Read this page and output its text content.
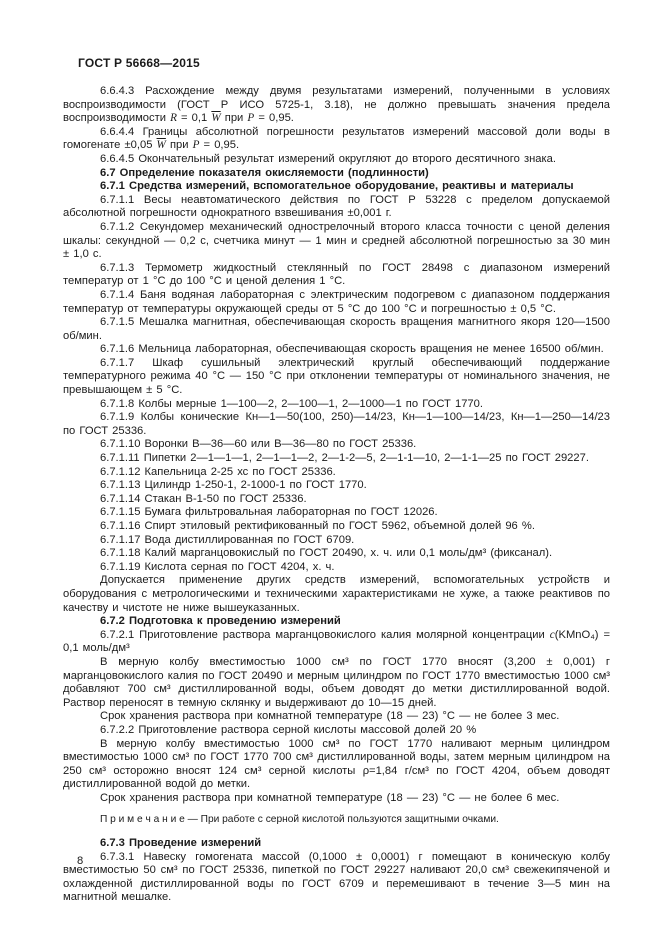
ГОСТ Р 56668—2015

6.6.4.3 Расхождение между двумя результатами измерений, полученными в условиях воспроизводимости (ГОСТ Р ИСО 5725-1, 3.18), не должно превышать значения предела воспроизводимости R = 0,1 $\overline{W}$ при P = 0,95.

6.6.4.4 Границы абсолютной погрешности результатов измерений массовой доли воды в гомогенате ±0,05 $\overline{W}$ при P = 0,95.

6.6.4.5 Окончательный результат измерений округляют до второго десятичного знака.

6.7 Определение показателя окисляемости (подлинности)

6.7.1 Средства измерений, вспомогательное оборудование, реактивы и материалы

6.7.1.1 Весы неавтоматического действия по ГОСТ Р 53228 с пределом допускаемой абсолютной погрешности однократного взвешивания ±0,001 г.

6.7.1.2 Секундомер механический однострелочный второго класса точности с ценой деления шкалы: секундной — 0,2 с, счетчика минут — 1 мин и средней абсолютной погрешностью за 30 мин ± 1,0 с.

6.7.1.3 Термометр жидкостный стеклянный по ГОСТ 28498 с диапазоном измерений температур от 1 °С до 100 °С и ценой деления 1 °С.

6.7.1.4 Баня водяная лабораторная с электрическим подогревом с диапазоном поддержания температур от температуры окружающей среды от 5 °С до 100 °С и погрешностью ± 0,5 °С.

6.7.1.5 Мешалка магнитная, обеспечивающая скорость вращения магнитного якоря 120—1500 об/мин.

6.7.1.6 Мельница лабораторная, обеспечивающая скорость вращения не менее 16500 об/мин.

6.7.1.7 Шкаф сушильный электрический круглый обеспечивающий поддержание температурного режима 40 °С — 150 °С при отклонении температуры от номинального значения, не превышающем ± 5 °С.

6.7.1.8 Колбы мерные 1—100—2, 2—100—1, 2—1000—1 по ГОСТ 1770.

6.7.1.9 Колбы конические Кн—1—50(100, 250)—14/23, Кн—1—100—14/23, Кн—1—250—14/23 по ГОСТ 25336.

6.7.1.10 Воронки В—36—60 или В—36—80 по ГОСТ 25336.

6.7.1.11 Пипетки 2—1—1—1, 2—1—1—2, 2—1-2—5, 2—1-1—10, 2—1-1—25 по ГОСТ 29227.

6.7.1.12 Капельница 2-25 хс по ГОСТ 25336.

6.7.1.13 Цилиндр 1-250-1, 2-1000-1 по ГОСТ 1770.

6.7.1.14 Стакан В-1-50 по ГОСТ 25336.

6.7.1.15 Бумага фильтровальная лабораторная по ГОСТ 12026.

6.7.1.16 Спирт этиловый ректификованный по ГОСТ 5962, объемной долей 96 %.

6.7.1.17 Вода дистиллированная по ГОСТ 6709.

6.7.1.18 Калий марганцовокислый по ГОСТ 20490, х. ч. или 0,1 моль/дм³ (фиксанал).

6.7.1.19 Кислота серная по ГОСТ 4204, х. ч.

Допускается применение других средств измерений, вспомогательных устройств и оборудования с метрологическими и техническими характеристиками не хуже, а также реактивов по качеству и чистоте не ниже вышеуказанных.

6.7.2 Подготовка к проведению измерений

6.7.2.1 Приготовление раствора марганцовокислого калия молярной концентрации c(KMnO₄) = 0,1 моль/дм³

В мерную колбу вместимостью 1000 см³ по ГОСТ 1770 вносят (3,200 ± 0,001) г марганцовокислого калия по ГОСТ 20490 и мерным цилиндром по ГОСТ 1770 вместимостью 1000 см³ добавляют 700 см³ дистиллированной воды, объем доводят до метки дистиллированной водой. Раствор переносят в темную склянку и выдерживают до 10—15 дней.

Срок хранения раствора при комнатной температуре (18 — 23) °С — не более 3 мес.

6.7.2.2 Приготовление раствора серной кислоты массовой долей 20 %

В мерную колбу вместимостью 1000 см³ по ГОСТ 1770 наливают мерным цилиндром вместимостью 1000 см³ по ГОСТ 1770 700 см³ дистиллированной воды, затем мерным цилиндром на 250 см³ осторожно вносят 124 см³ серной кислоты ρ=1,84 г/см³ по ГОСТ 4204, объем доводят дистиллированной водой до метки.

Срок хранения раствора при комнатной температуре (18 — 23) °С — не более 6 мес.

П р и м е ч а н и е — При работе с серной кислотой пользуются защитными очками.

6.7.3 Проведение измерений

6.7.3.1 Навеску гомогената массой (0,1000 ± 0,0001) г помещают в коническую колбу вместимостью 50 см³ по ГОСТ 25336, пипеткой по ГОСТ 29227 наливают 20,0 см³ свежекипяченой и охлажденной дистиллированной воды по ГОСТ 6709 и перемешивают в течение 3—5 мин на магнитной мешалке.

8
